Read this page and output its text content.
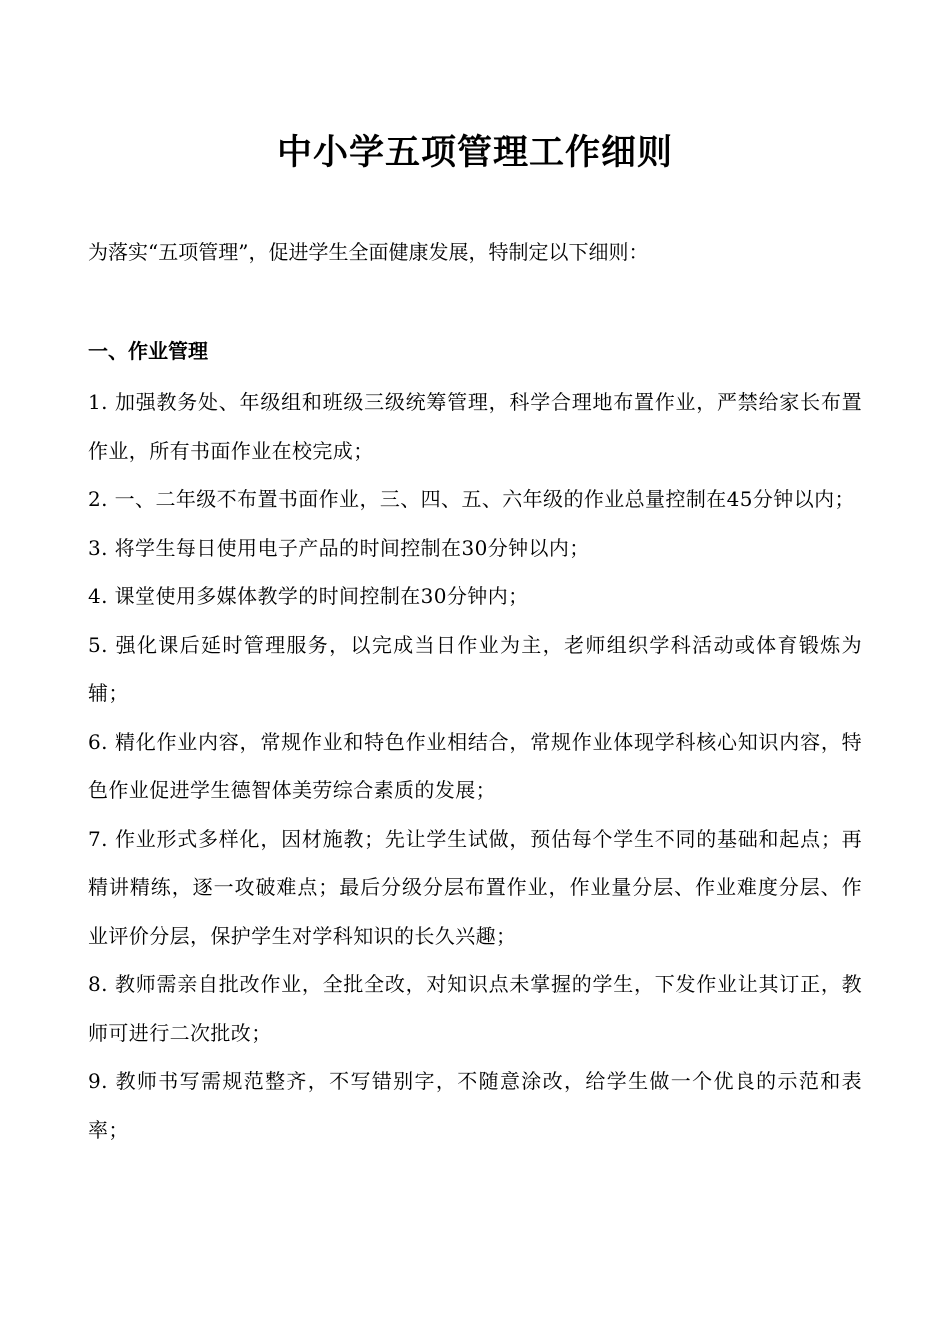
中小学五项管理工作细则
为落实“五项管理”，促进学生全面健康发展，特制定以下细则：
一、作业管理
1. 加强教务处、年级组和班级三级统筹管理，科学合理地布置作业，严禁给家长布置作业，所有书面作业在校完成；
2. 一、二年级不布置书面作业，三、四、五、六年级的作业总量控制在45分钟以内；
3. 将学生每日使用电子产品的时间控制在30分钟以内；
4. 课堂使用多媒体教学的时间控制在30分钟内；
5. 强化课后延时管理服务，以完成当日作业为主，老师组织学科活动或体育锻炼为辅；
6. 精化作业内容，常规作业和特色作业相结合，常规作业体现学科核心知识内容，特色作业促进学生德智体美劳综合素质的发展；
7. 作业形式多样化，因材施教；先让学生试做，预估每个学生不同的基础和起点；再精讲精练，逐一攻破难点；最后分级分层布置作业，作业量分层、作业难度分层、作业评价分层，保护学生对学科知识的长久兴趣；
8. 教师需亲自批改作业，全批全改，对知识点未掌握的学生，下发作业让其订正，教师可进行二次批改；
9. 教师书写需规范整齐，不写错别字，不随意涂改，给学生做一个优良的示范和表率；
